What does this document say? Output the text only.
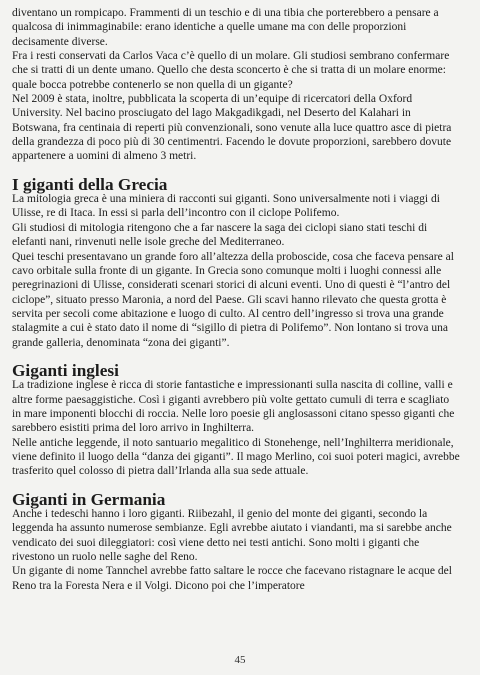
diventano un rompicapo. Frammenti di un teschio e di una tibia che porterebbero a pensare a qualcosa di inimmaginabile: erano identiche a quelle umane ma con delle proporzioni decisamente diverse.

Fra i resti conservati da Carlos Vaca c’è quello di un molare. Gli studiosi sembrano confermare che si tratti di un dente umano. Quello che desta sconcerto è che si tratta di un molare enorme: quale bocca potrebbe contenerlo se non quella di un gigante?

Nel 2009 è stata, inoltre, pubblicata la scoperta di un’equipe di ricercatori della Oxford University. Nel bacino prosciugato del lago Makgadikgadi, nel Deserto del Kalahari in Botswana, fra centinaia di reperti più convenzionali, sono venute alla luce quattro asce di pietra della grandezza di poco più di 30 centimentri. Facendo le dovute proporzioni, sarebbero dovute appartenere a uomini di almeno 3 metri.

I giganti della Grecia

La mitologia greca è una miniera di racconti sui giganti. Sono universalmente noti i viaggi di Ulisse, re di Itaca. In essi si parla dell’incontro con il ciclope Polifemo.

Gli studiosi di mitologia ritengono che a far nascere la saga dei ciclopi siano stati teschi di elefanti nani, rinvenuti nelle isole greche del Mediterraneo.

Quei teschi presentavano un grande foro all’altezza della proboscide, cosa che faceva pensare al cavo orbitale sulla fronte di un gigante. In Grecia sono comunque molti i luoghi connessi alle peregrinazioni di Ulisse, considerati scenari storici di alcuni eventi. Uno di questi è “l’antro del ciclope”, situato presso Maronia, a nord del Paese. Gli scavi hanno rilevato che questa grotta è servita per secoli come abitazione e luogo di culto. Al centro dell’ingresso si trova una grande stalagmite a cui è stato dato il nome di “sigillo di pietra di Polifemo”. Non lontano si trova una grande galleria, denominata “zona dei giganti”.

Giganti inglesi

La tradizione inglese è ricca di storie fantastiche e impressionanti sulla nascita di colline, valli e altre forme paesaggistiche. Così i giganti avrebbero più volte gettato cumuli di terra e scagliato in mare imponenti blocchi di roccia. Nelle loro poesie gli anglosassoni citano spesso giganti che sarebbero esistiti prima del loro arrivo in Inghilterra.

Nelle antiche leggende, il noto santuario megalitico di Stonehenge, nell’Inghilterra meridionale, viene definito il luogo della “danza dei giganti”. Il mago Merlino, coi suoi poteri magici, avrebbe trasferito quel colosso di pietra dall’Irlanda alla sua sede attuale.

Giganti in Germania

Anche i tedeschi hanno i loro giganti. Riibezahl, il genio del monte dei giganti, secondo la leggenda ha assunto numerose sembianze. Egli avrebbe aiutato i viandanti, ma si sarebbe anche vendicato dei suoi dileggiatori: così viene detto nei testi antichi. Sono molti i giganti che rivestono un ruolo nelle saghe del Reno.

Un gigante di nome Tannchel avrebbe fatto saltare le rocce che facevano ristagnare le acque del Reno tra la Foresta Nera e il Volgi. Dicono poi che l’imperatore

45
